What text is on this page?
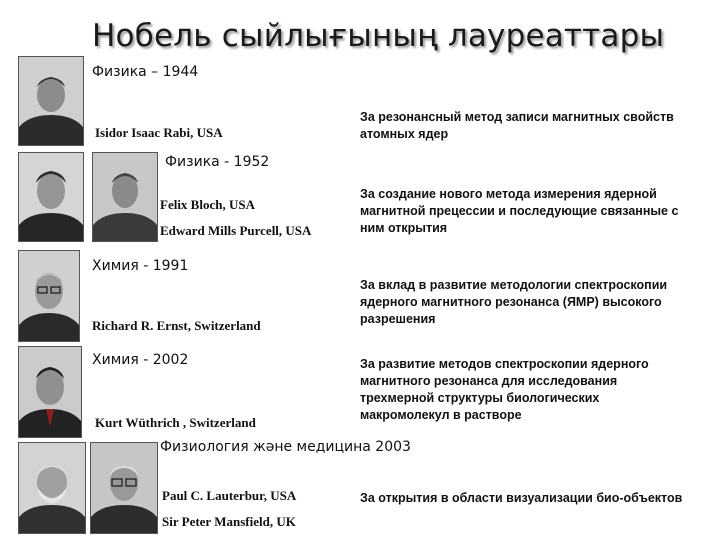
Нобель сыйлығының лауреаттары
Физика – 1944
Isidor Isaac Rabi, USA
За резонансный метод записи магнитных свойств атомных ядер
Физика - 1952
Felix Bloch, USA
Edward Mills Purcell, USA
За создание нового метода измерения ядерной магнитной прецессии и последующие связанные с ним открытия
Химия - 1991
Richard R. Ernst, Switzerland
За вклад в развитие методологии спектроскопии ядерного магнитного резонанса (ЯМР) высокого разрешения
Химия - 2002
Kurt Wüthrich , Switzerland
За развитие методов спектроскопии ядерного магнитного резонанса для исследования трехмерной структуры биологических макромолекул в растворе
Физиология және медицина 2003
Paul C. Lauterbur, USA
Sir Peter Mansfield, UK
За открытия в области визуализации био-объектов
